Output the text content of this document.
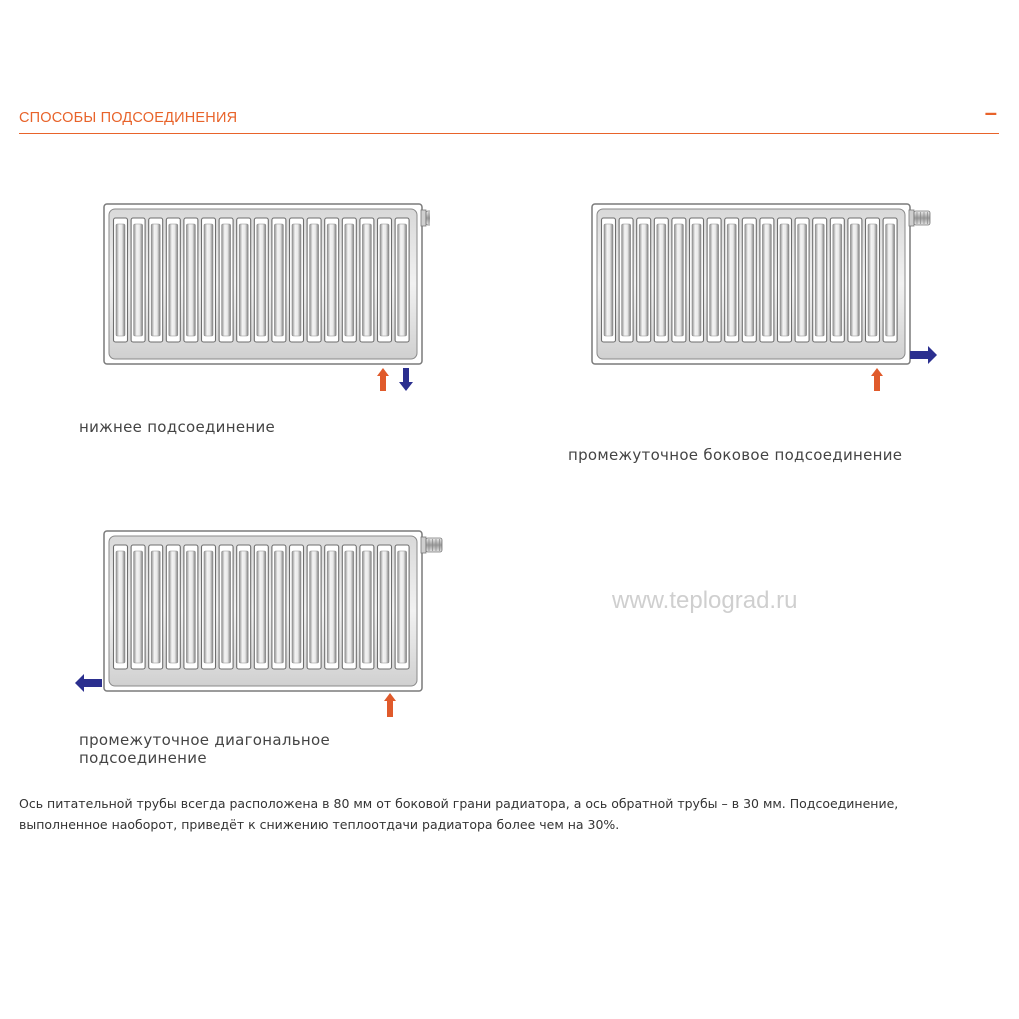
СПОСОБЫ ПОДСОЕДИНЕНИЯ	–
нижнее подсоединение
промежуточное боковое подсоединение
промежуточное диагональное
подсоединение
www.teplograd.ru
Ось питательной трубы всегда расположена в 80 мм от боковой грани радиатора, а ось обратной трубы – в 30 мм. Подсоединение, выполненное наоборот, приведёт к снижению теплоотдачи радиатора более чем на 30%.
